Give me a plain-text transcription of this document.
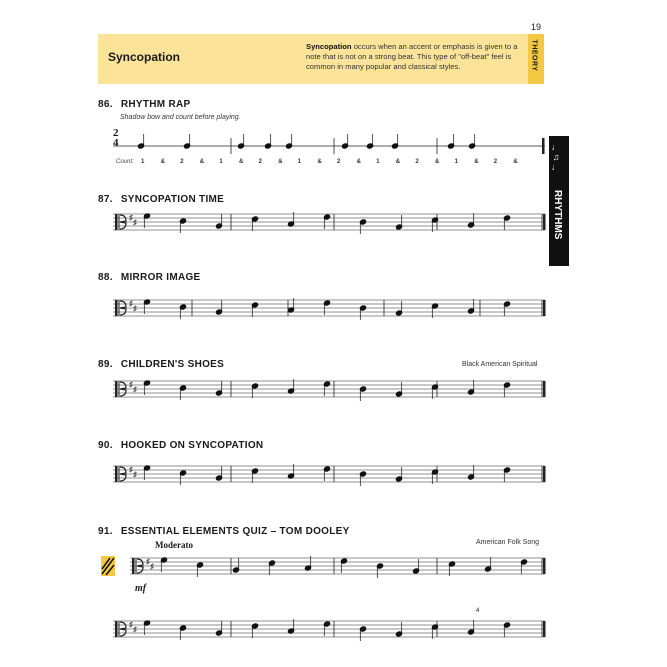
19
Syncopation
Syncopation occurs when an accent or emphasis is given to a note that is not on a strong beat. This type of "off-beat" feel is common in many popular and classical styles.	THEORY
♩♫♩
RHYTHMS
86. RHYTHM RAP
Shadow bow and count before playing.
87. SYNCOPATION TIME
88. MIRROR IMAGE
89. CHILDREN'S SHOES	Black American Spiritual
90. HOOKED ON SYNCOPATION
91. ESSENTIAL ELEMENTS QUIZ – TOM DOOLEY
American Folk Song
Count: 1	&	2	&	1	&	2	&	1	&	2	&	1	&	2	&	1	&	2	&
2
4
Moderato
mf
4
♯
♯
♯
♯
♯
♯
♯
♯
♯
♯
♯
♯
